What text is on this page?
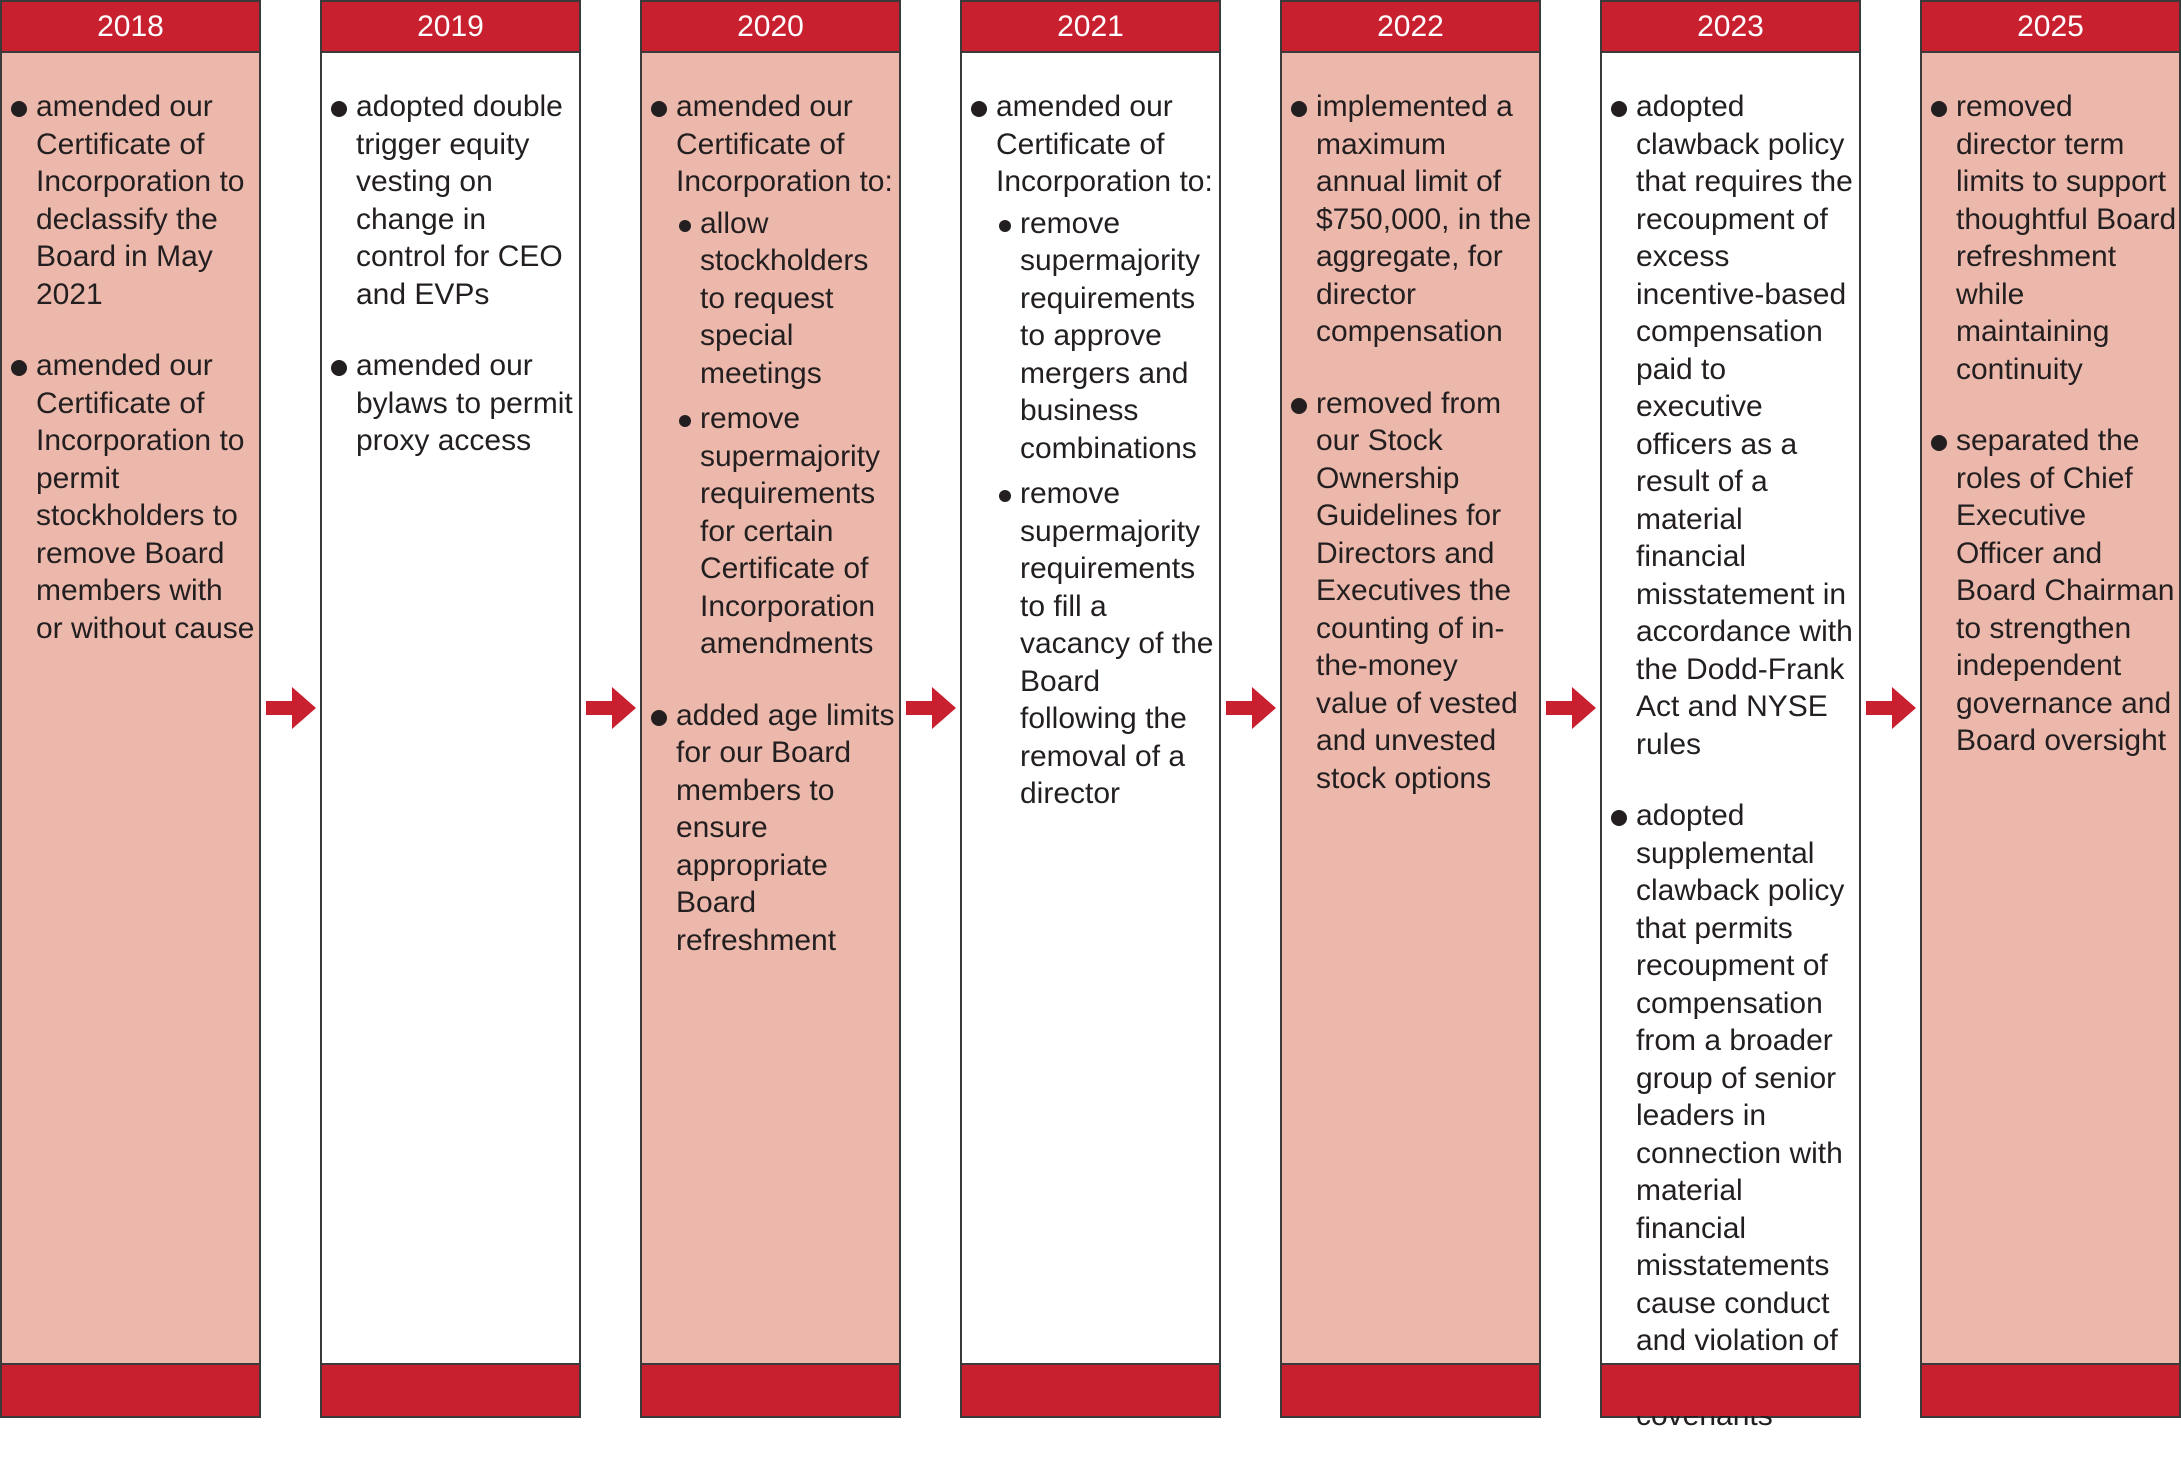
2018
amended our Certificate of Incorporation to declassify the Board in May 2021
amended our Certificate of Incorporation to permit stockholders to remove Board members with or without cause
2019
adopted double trigger equity vesting on change in control for CEO and EVPs
amended our bylaws to permit proxy access
2020
amended our Certificate of Incorporation to:
allow stockholders to request special meetings
remove supermajority requirements for certain Certificate of Incorporation amendments
added age limits for our Board members to ensure appropriate Board refreshment
2021
amended our Certificate of Incorporation to:
remove supermajority requirements to approve mergers and business combinations
remove supermajority requirements to fill a vacancy of the Board following the removal of a director
2022
implemented a maximum annual limit of $750,000, in the aggregate, for director compensation
removed from our Stock Ownership Guidelines for Directors and Executives the counting of in-the-money value of vested and unvested stock options
2023
adopted clawback policy that requires the recoupment of excess incentive-based compensation paid to executive officers as a result of a material financial misstatement in accordance with the Dodd-Frank Act and NYSE rules
adopted supplemental clawback policy that permits recoupment of compensation from a broader group of senior leaders in connection with material financial misstatements cause conduct and violation of
2025
removed director term limits to support thoughtful Board refreshment while maintaining continuity
separated the roles of Chief Executive Officer and Board Chairman to strengthen independent governance and Board oversight
